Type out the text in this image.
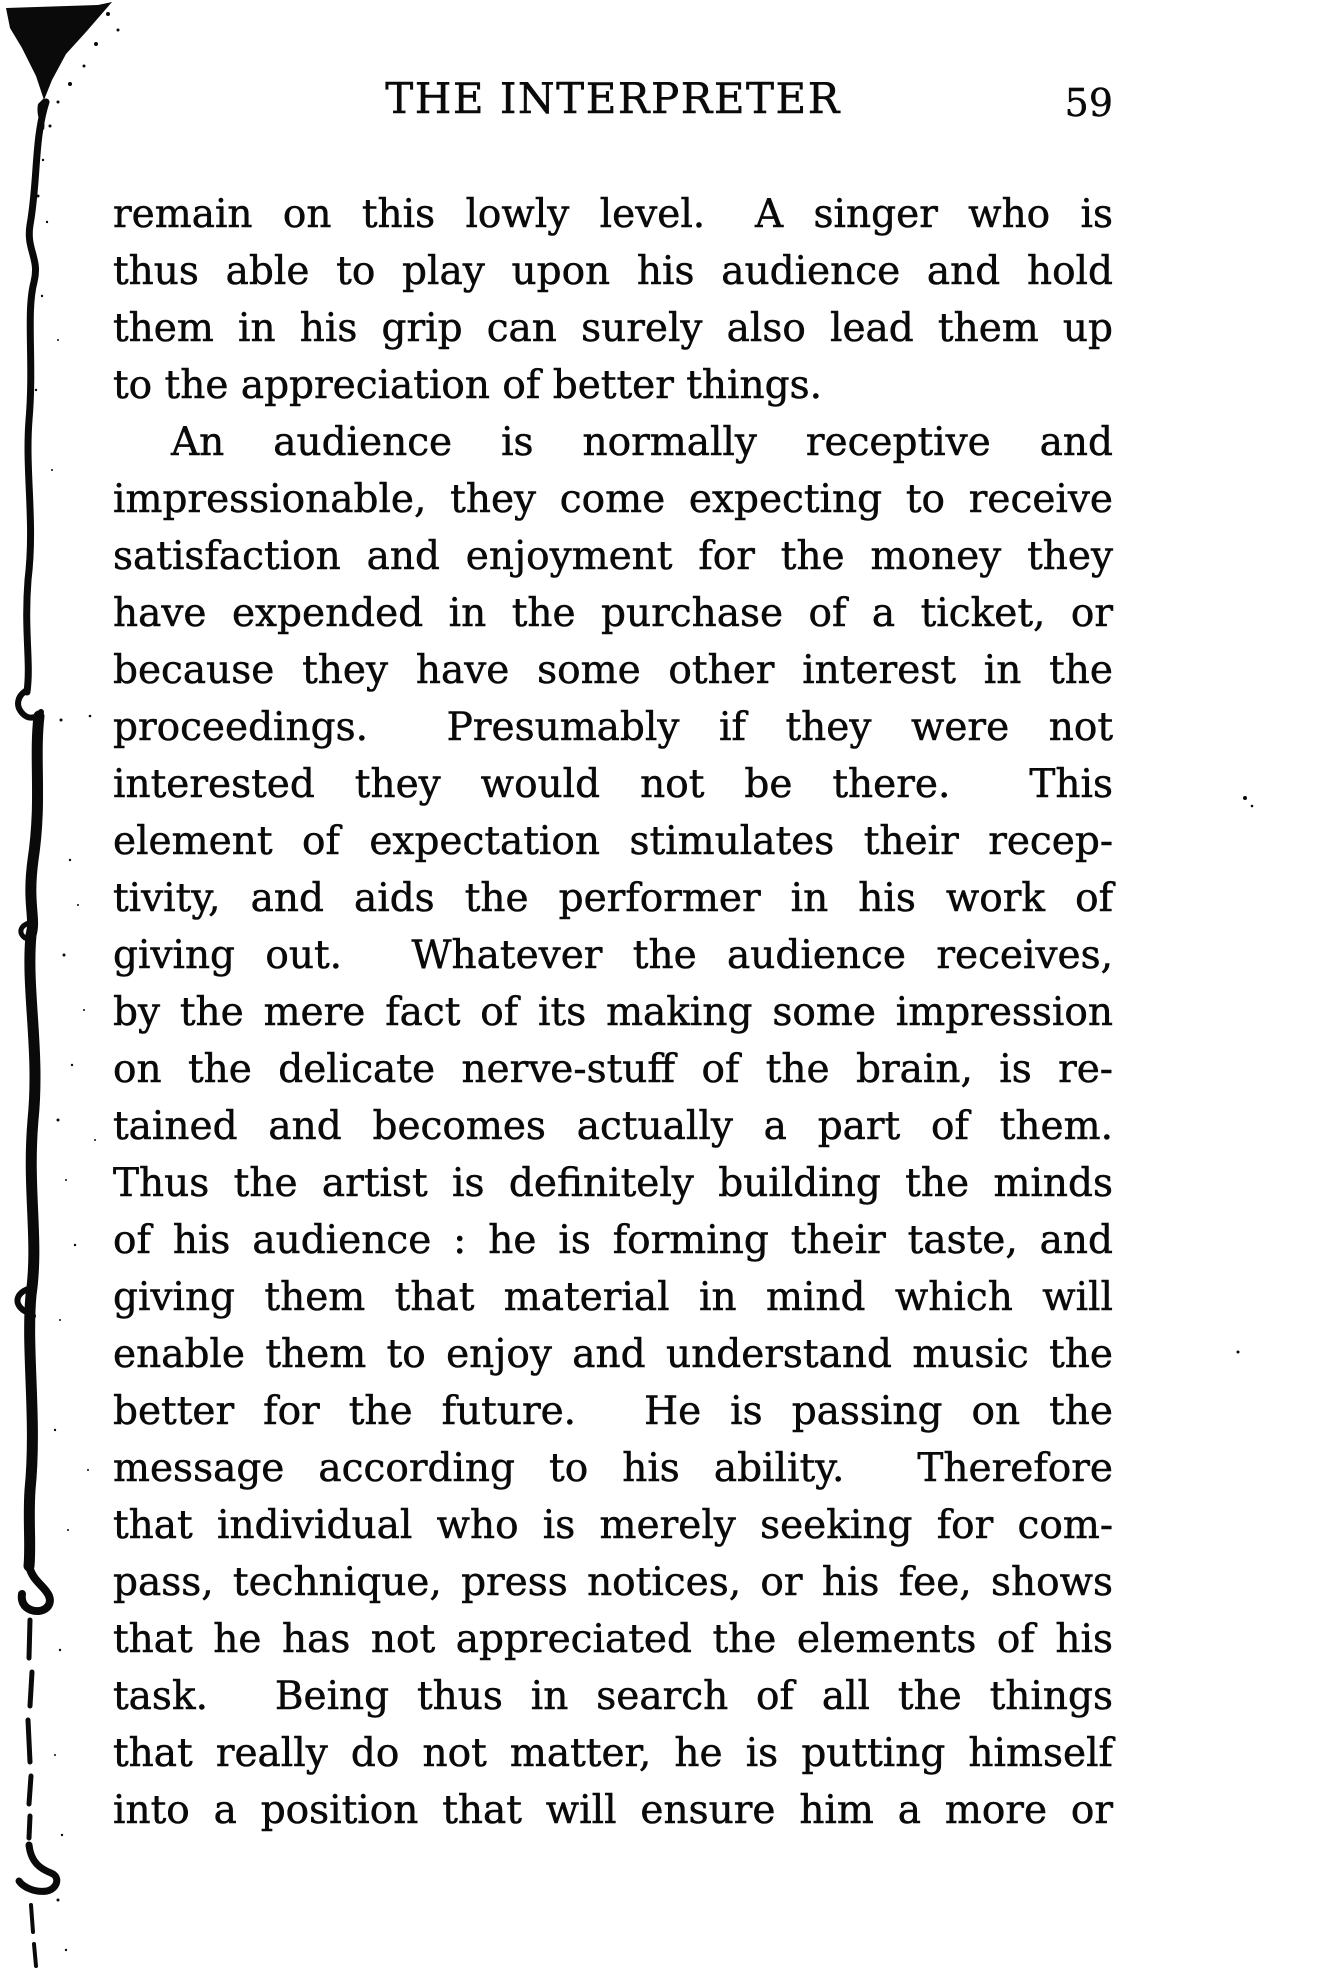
THE INTERPRETER	59
remain on this lowly level.  A singer who is
thus able to play upon his audience and hold
them in his grip can surely also lead them up
to the appreciation of better things.
An audience is normally receptive and
impressionable, they come expecting to receive
satisfaction and enjoyment for the money they
have expended in the purchase of a ticket, or
because they have some other interest in the
proceedings.   Presumably if they were not
interested they would not be there.   This
element of expectation stimulates their recep-
tivity, and aids the performer in his work of
giving out.   Whatever the audience receives,
by the mere fact of its making some impression
on the delicate nerve-stuff of the brain, is re-
tained and becomes actually a part of them.
Thus the artist is definitely building the minds
of his audience : he is forming their taste, and
giving them that material in mind which will
enable them to enjoy and understand music the
better for the future.   He is passing on the
message according to his ability.   Therefore
that individual who is merely seeking for com-
pass, technique, press notices, or his fee, shows
that he has not appreciated the elements of his
task.   Being thus in search of all the things
that really do not matter, he is putting himself
into a position that will ensure him a more or
